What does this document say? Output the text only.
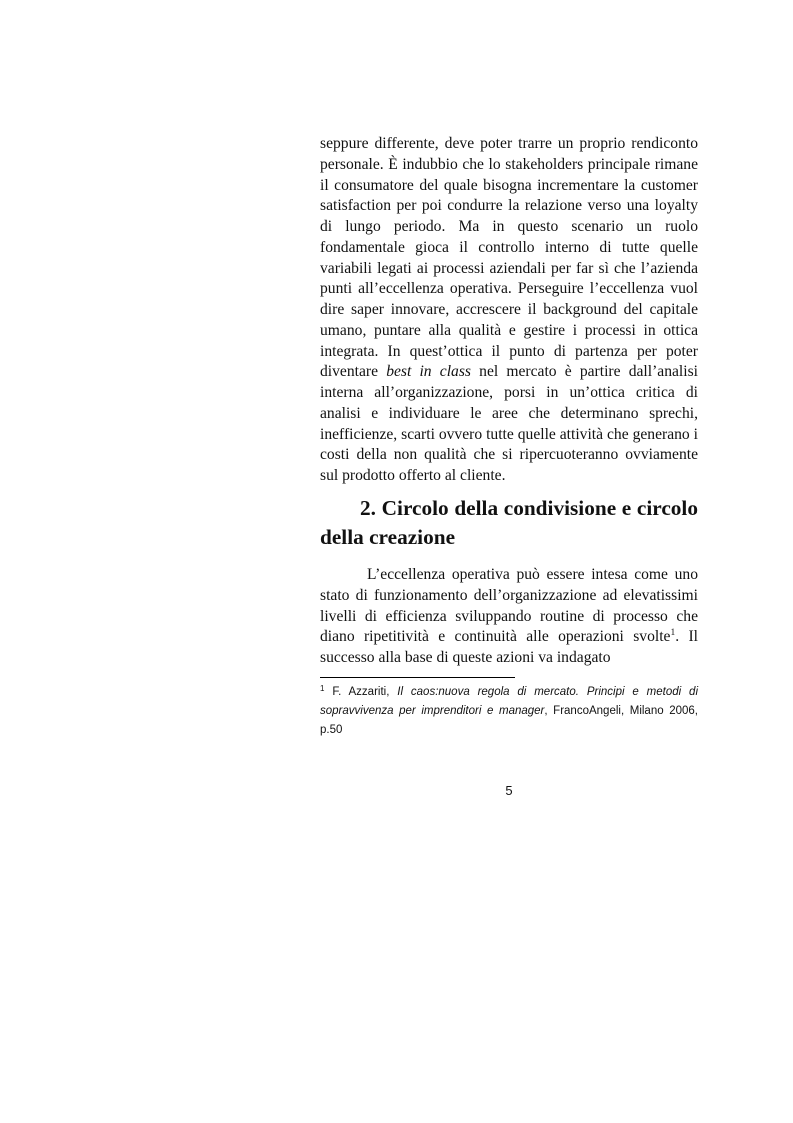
seppure differente, deve poter trarre un proprio rendiconto personale. È indubbio che lo stakeholders principale rimane il consumatore del quale bisogna incrementare la customer satisfaction per poi condurre la relazione verso una loyalty di lungo periodo. Ma in questo scenario un ruolo fondamentale gioca il controllo interno di tutte quelle variabili legati ai processi aziendali per far sì che l’azienda punti all’eccellenza operativa. Perseguire l’eccellenza vuol dire saper innovare, accrescere il background del capitale umano, puntare alla qualità e gestire i processi in ottica integrata. In quest’ottica il punto di partenza per poter diventare best in class nel mercato è partire dall’analisi interna all’organizzazione, porsi in un’ottica critica di analisi e individuare le aree che determinano sprechi, inefficienze, scarti ovvero tutte quelle attività che generano i costi della non qualità che si ripercuoteranno ovviamente sul prodotto offerto al cliente.

2. Circolo della condivisione e circolo della creazione

L’eccellenza operativa può essere intesa come uno stato di funzionamento dell’organizzazione ad elevatissimi livelli di efficienza sviluppando routine di processo che diano ripetitività e continuità alle operazioni svolte$^1$. Il successo alla base di queste azioni va indagato

$^1$ F. Azzariti, Il caos:nuova regola di mercato. Principi e metodi di sopravvivenza per imprenditori e manager, FrancoAngeli, Milano 2006, p.50

5
